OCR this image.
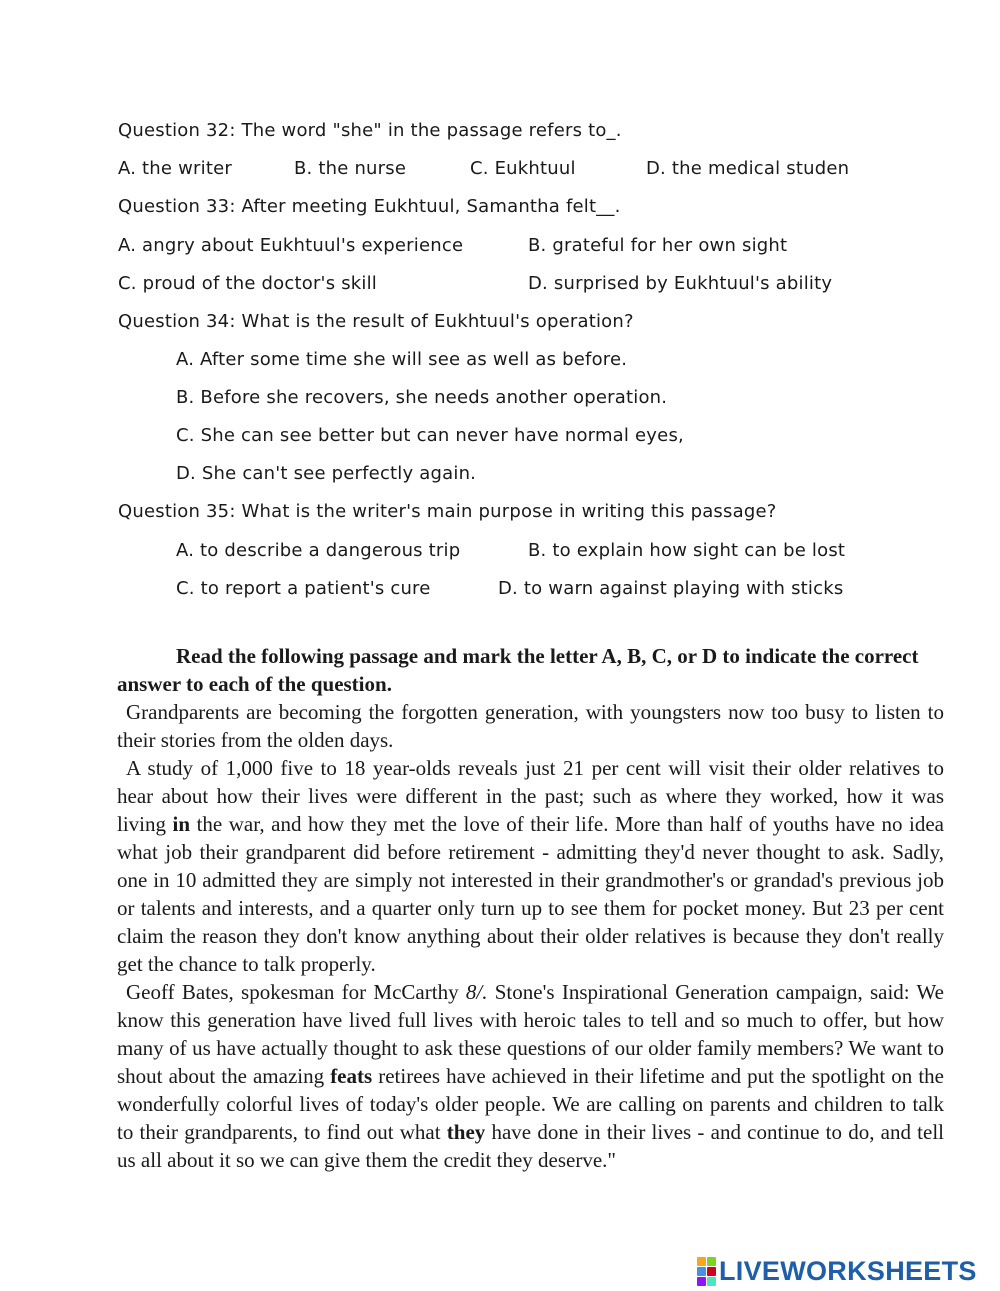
Question 32: The word "she" in the passage refers to_.
A. the writer	B. the nurse	C. Eukhtuul	D. the medical studen
Question 33: After meeting Eukhtuul, Samantha felt__.
A. angry about Eukhtuul's experience	B. grateful for her own sight
C. proud of the doctor's skill	D. surprised by Eukhtuul's ability
Question 34: What is the result of Eukhtuul's operation?
A. After some time she will see as well as before.
B. Before she recovers, she needs another operation.
C. She can see better but can never have normal eyes,
D. She can't see perfectly again.
Question 35: What is the writer's main purpose in writing this passage?
A. to describe a dangerous trip	B. to explain how sight can be lost
C. to report a patient's cure	D. to warn against playing with sticks

Read the following passage and mark the letter A, B, C, or D to indicate the correct answer to each of the question.

Grandparents are becoming the forgotten generation, with youngsters now too busy to listen to their stories from the olden days.

A study of 1,000 five to 18 year-olds reveals just 21 per cent will visit their older relatives to hear about how their lives were different in the past; such as where they worked, how it was living in the war, and how they met the love of their life. More than half of youths have no idea what job their grandparent did before retirement - admitting they'd never thought to ask. Sadly, one in 10 admitted they are simply not interested in their grandmother's or grandad's previous job or talents and interests, and a quarter only turn up to see them for pocket money. But 23 per cent claim the reason they don't know anything about their older relatives is because they don't really get the chance to talk properly.

Geoff Bates, spokesman for McCarthy 8/. Stone's Inspirational Generation campaign, said: We know this generation have lived full lives with heroic tales to tell and so much to offer, but how many of us have actually thought to ask these questions of our older family members? We want to shout about the amazing feats retirees have achieved in their lifetime and put the spotlight on the wonderfully colorful lives of today's older people. We are calling on parents and children to talk to their grandparents, to find out what they have done in their lives - and continue to do, and tell us all about it so we can give them the credit they deserve."

LIVEWORKSHEETS
